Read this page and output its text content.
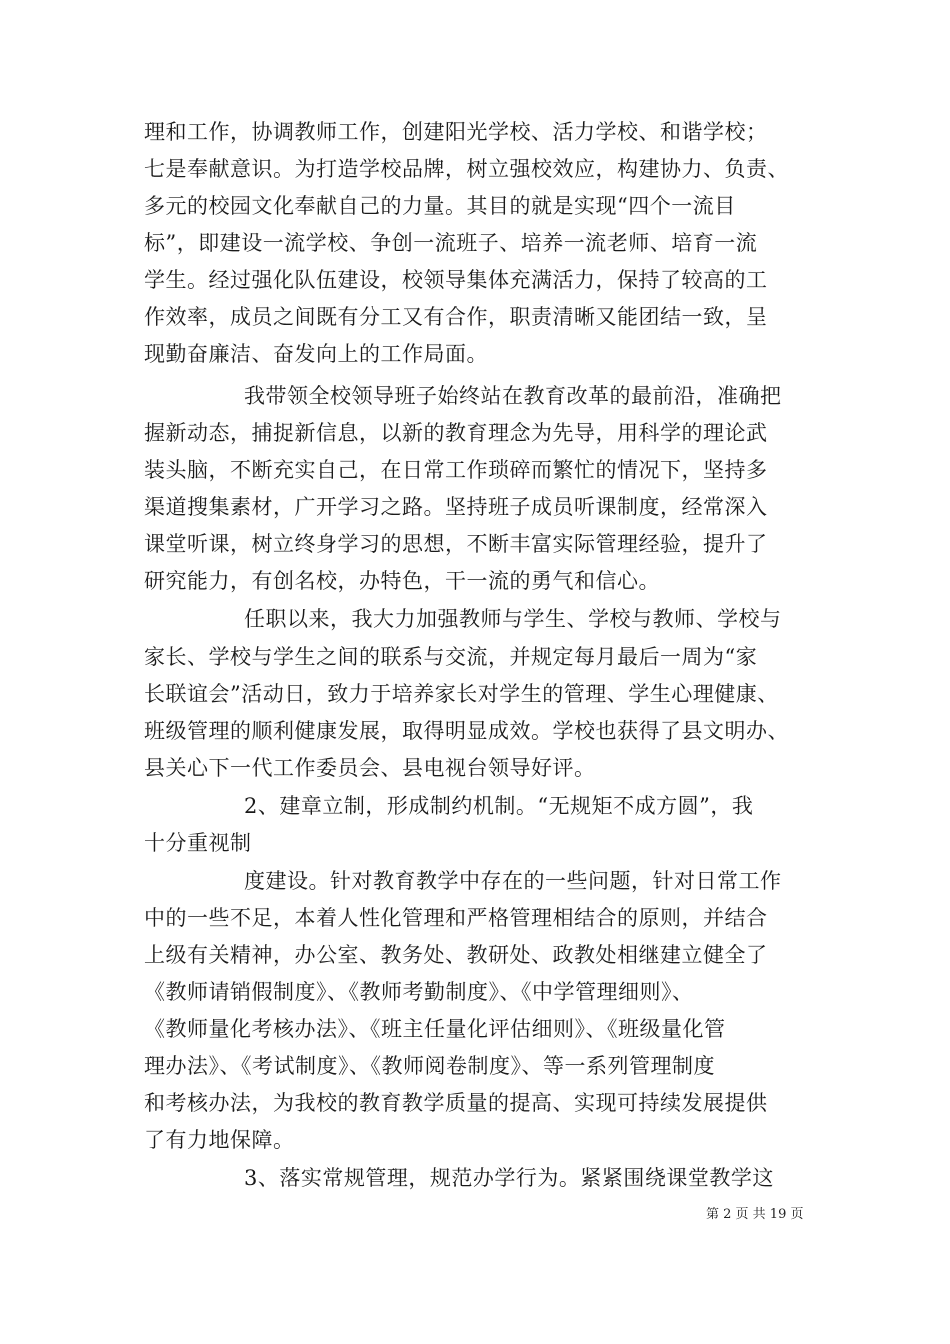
理和工作，协调教师工作，创建阳光学校、活力学校、和谐学校；
七是奉献意识。为打造学校品牌，树立强校效应，构建协力、负责、
多元的校园文化奉献自己的力量。其目的就是实现“四个一流目
标”，即建设一流学校、争创一流班子、培养一流老师、培育一流
学生。经过强化队伍建设，校领导集体充满活力，保持了较高的工
作效率，成员之间既有分工又有合作，职责清晰又能团结一致，呈
现勤奋廉洁、奋发向上的工作局面。
我带领全校领导班子始终站在教育改革的最前沿，准确把
握新动态，捕捉新信息，以新的教育理念为先导，用科学的理论武
装头脑，不断充实自己，在日常工作琐碎而繁忙的情况下，坚持多
渠道搜集素材，广开学习之路。坚持班子成员听课制度，经常深入
课堂听课，树立终身学习的思想，不断丰富实际管理经验，提升了
研究能力，有创名校，办特色，干一流的勇气和信心。
任职以来，我大力加强教师与学生、学校与教师、学校与
家长、学校与学生之间的联系与交流，并规定每月最后一周为“家
长联谊会”活动日，致力于培养家长对学生的管理、学生心理健康、
班级管理的顺利健康发展，取得明显成效。学校也获得了县文明办、
县关心下一代工作委员会、县电视台领导好评。
2、建章立制，形成制约机制。“无规矩不成方圆”，我
十分重视制
度建设。针对教育教学中存在的一些问题，针对日常工作
中的一些不足，本着人性化管理和严格管理相结合的原则，并结合
上级有关精神，办公室、教务处、教研处、政教处相继建立健全了
《教师请销假制度》、《教师考勤制度》、《中学管理细则》、
《教师量化考核办法》、《班主任量化评估细则》、《班级量化管
理办法》、《考试制度》、《教师阅卷制度》、等一系列管理制度
和考核办法，为我校的教育教学质量的提高、实现可持续发展提供
了有力地保障。
3、落实常规管理，规范办学行为。紧紧围绕课堂教学这
第 2 页 共 19 页
